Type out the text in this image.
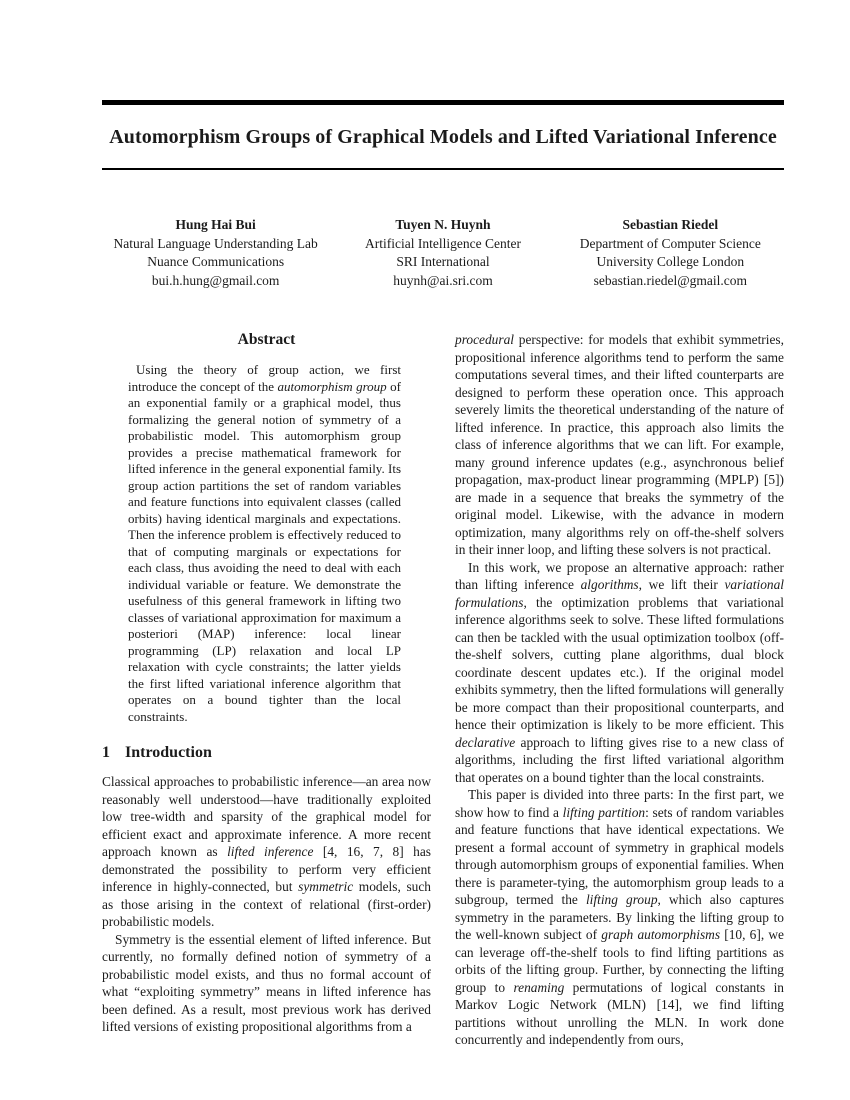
Automorphism Groups of Graphical Models and Lifted Variational Inference
Hung Hai Bui
Natural Language Understanding Lab
Nuance Communications
bui.h.hung@gmail.com
Tuyen N. Huynh
Artificial Intelligence Center
SRI International
huynh@ai.sri.com
Sebastian Riedel
Department of Computer Science
University College London
sebastian.riedel@gmail.com
Abstract

Using the theory of group action, we first introduce the concept of the automorphism group of an exponential family or a graphical model, thus formalizing the general notion of symmetry of a probabilistic model. This automorphism group provides a precise mathematical framework for lifted inference in the general exponential family. Its group action partitions the set of random variables and feature functions into equivalent classes (called orbits) having identical marginals and expectations. Then the inference problem is effectively reduced to that of computing marginals or expectations for each class, thus avoiding the need to deal with each individual variable or feature. We demonstrate the usefulness of this general framework in lifting two classes of variational approximation for maximum a posteriori (MAP) inference: local linear programming (LP) relaxation and local LP relaxation with cycle constraints; the latter yields the first lifted variational inference algorithm that operates on a bound tighter than the local constraints.

1 Introduction

Classical approaches to probabilistic inference—an area now reasonably well understood—have traditionally exploited low tree-width and sparsity of the graphical model for efficient exact and approximate inference. A more recent approach known as lifted inference [4, 16, 7, 8] has demonstrated the possibility to perform very efficient inference in highly-connected, but symmetric models, such as those arising in the context of relational (first-order) probabilistic models.

Symmetry is the essential element of lifted inference. But currently, no formally defined notion of symmetry of a probabilistic model exists, and thus no formal account of what “exploiting symmetry” means in lifted inference has been defined. As a result, most previous work has derived lifted versions of existing propositional algorithms from a

procedural perspective: for models that exhibit symmetries, propositional inference algorithms tend to perform the same computations several times, and their lifted counterparts are designed to perform these operation once. This approach severely limits the theoretical understanding of the nature of lifted inference. In practice, this approach also limits the class of inference algorithms that we can lift. For example, many ground inference updates (e.g., asynchronous belief propagation, max-product linear programming (MPLP) [5]) are made in a sequence that breaks the symmetry of the original model. Likewise, with the advance in modern optimization, many algorithms rely on off-the-shelf solvers in their inner loop, and lifting these solvers is not practical.

In this work, we propose an alternative approach: rather than lifting inference algorithms, we lift their variational formulations, the optimization problems that variational inference algorithms seek to solve. These lifted formulations can then be tackled with the usual optimization toolbox (off-the-shelf solvers, cutting plane algorithms, dual block coordinate descent updates etc.). If the original model exhibits symmetry, then the lifted formulations will generally be more compact than their propositional counterparts, and hence their optimization is likely to be more efficient. This declarative approach to lifting gives rise to a new class of algorithms, including the first lifted variational algorithm that operates on a bound tighter than the local constraints.

This paper is divided into three parts: In the first part, we show how to find a lifting partition: sets of random variables and feature functions that have identical expectations. We present a formal account of symmetry in graphical models through automorphism groups of exponential families. When there is parameter-tying, the automorphism group leads to a subgroup, termed the lifting group, which also captures symmetry in the parameters. By linking the lifting group to the well-known subject of graph automorphisms [10, 6], we can leverage off-the-shelf tools to find lifting partitions as orbits of the lifting group. Further, by connecting the lifting group to renaming permutations of logical constants in Markov Logic Network (MLN) [14], we find lifting partitions without unrolling the MLN. In work done concurrently and independently from ours,
